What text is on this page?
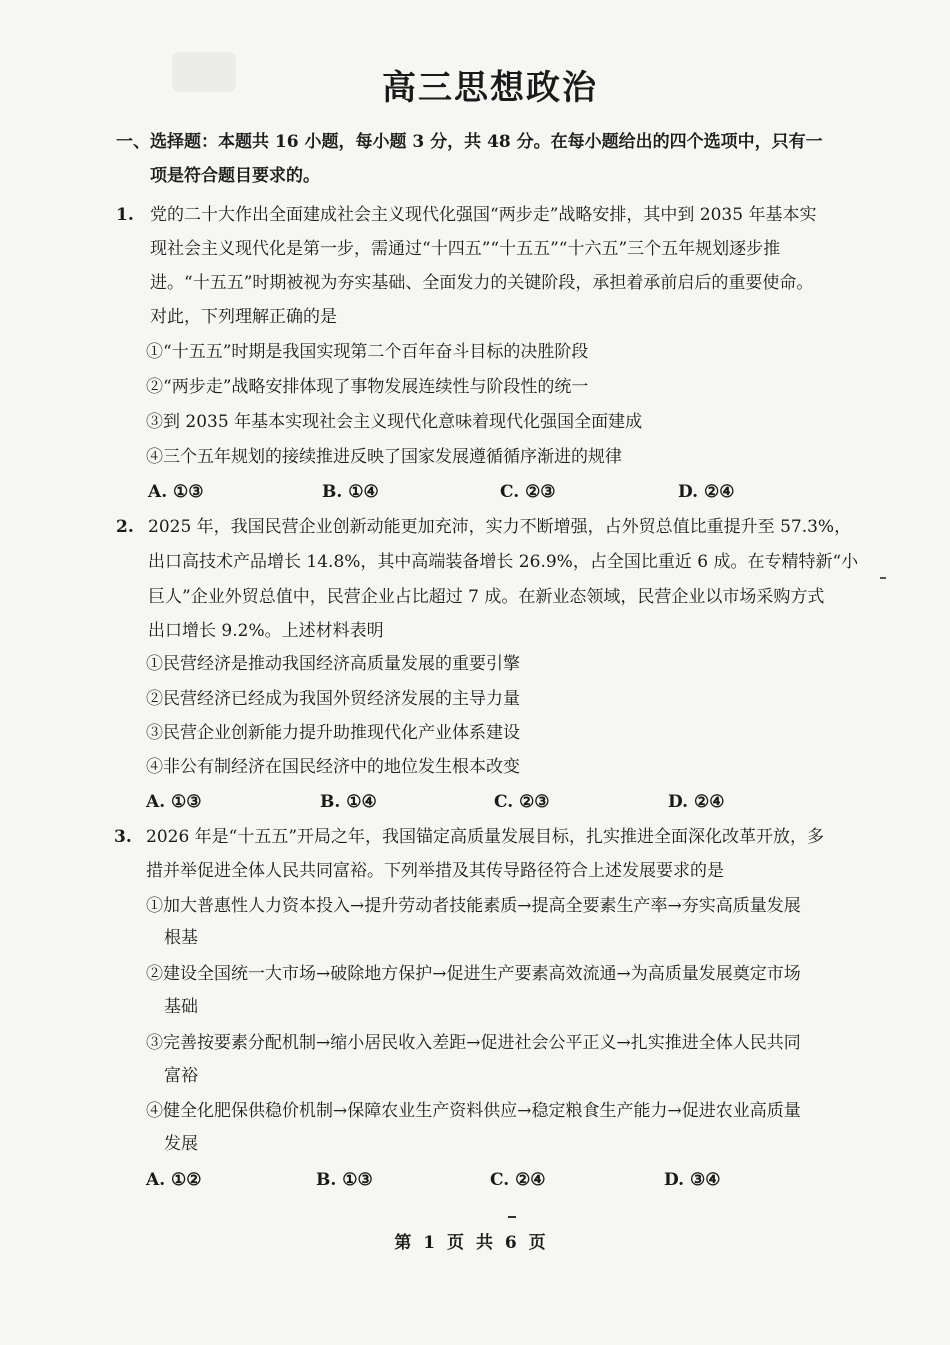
高三思想政治
一、选择题：本题共 16 小题，每小题 3 分，共 48 分。在每小题给出的四个选项中，只有一
项是符合题目要求的。
1. 党的二十大作出全面建成社会主义现代化强国“两步走”战略安排，其中到 2035 年基本实
现社会主义现代化是第一步，需通过“十四五”“十五五”“十六五”三个五年规划逐步推
进。“十五五”时期被视为夯实基础、全面发力的关键阶段，承担着承前启后的重要使命。
对此，下列理解正确的是
①“十五五”时期是我国实现第二个百年奋斗目标的决胜阶段
②“两步走”战略安排体现了事物发展连续性与阶段性的统一
③到 2035 年基本实现社会主义现代化意味着现代化强国全面建成
④三个五年规划的接续推进反映了国家发展遵循循序渐进的规律
A. ①③	B. ①④	C. ②③	D. ②④
2. 2025 年，我国民营企业创新动能更加充沛，实力不断增强，占外贸总值比重提升至 57.3%，
出口高技术产品增长 14.8%，其中高端装备增长 26.9%，占全国比重近 6 成。在专精特新“小
巨人”企业外贸总值中，民营企业占比超过 7 成。在新业态领域，民营企业以市场采购方式
出口增长 9.2%。上述材料表明
①民营经济是推动我国经济高质量发展的重要引擎
②民营经济已经成为我国外贸经济发展的主导力量
③民营企业创新能力提升助推现代化产业体系建设
④非公有制经济在国民经济中的地位发生根本改变
A. ①③	B. ①④	C. ②③	D. ②④
3. 2026 年是“十五五”开局之年，我国锚定高质量发展目标，扎实推进全面深化改革开放，多
措并举促进全体人民共同富裕。下列举措及其传导路径符合上述发展要求的是
①加大普惠性人力资本投入→提升劳动者技能素质→提高全要素生产率→夯实高质量发展
根基
②建设全国统一大市场→破除地方保护→促进生产要素高效流通→为高质量发展奠定市场
基础
③完善按要素分配机制→缩小居民收入差距→促进社会公平正义→扎实推进全体人民共同
富裕
④健全化肥保供稳价机制→保障农业生产资料供应→稳定粮食生产能力→促进农业高质量
发展
A. ①②	B. ①③	C. ②④	D. ③④
第 1 页 共 6 页
